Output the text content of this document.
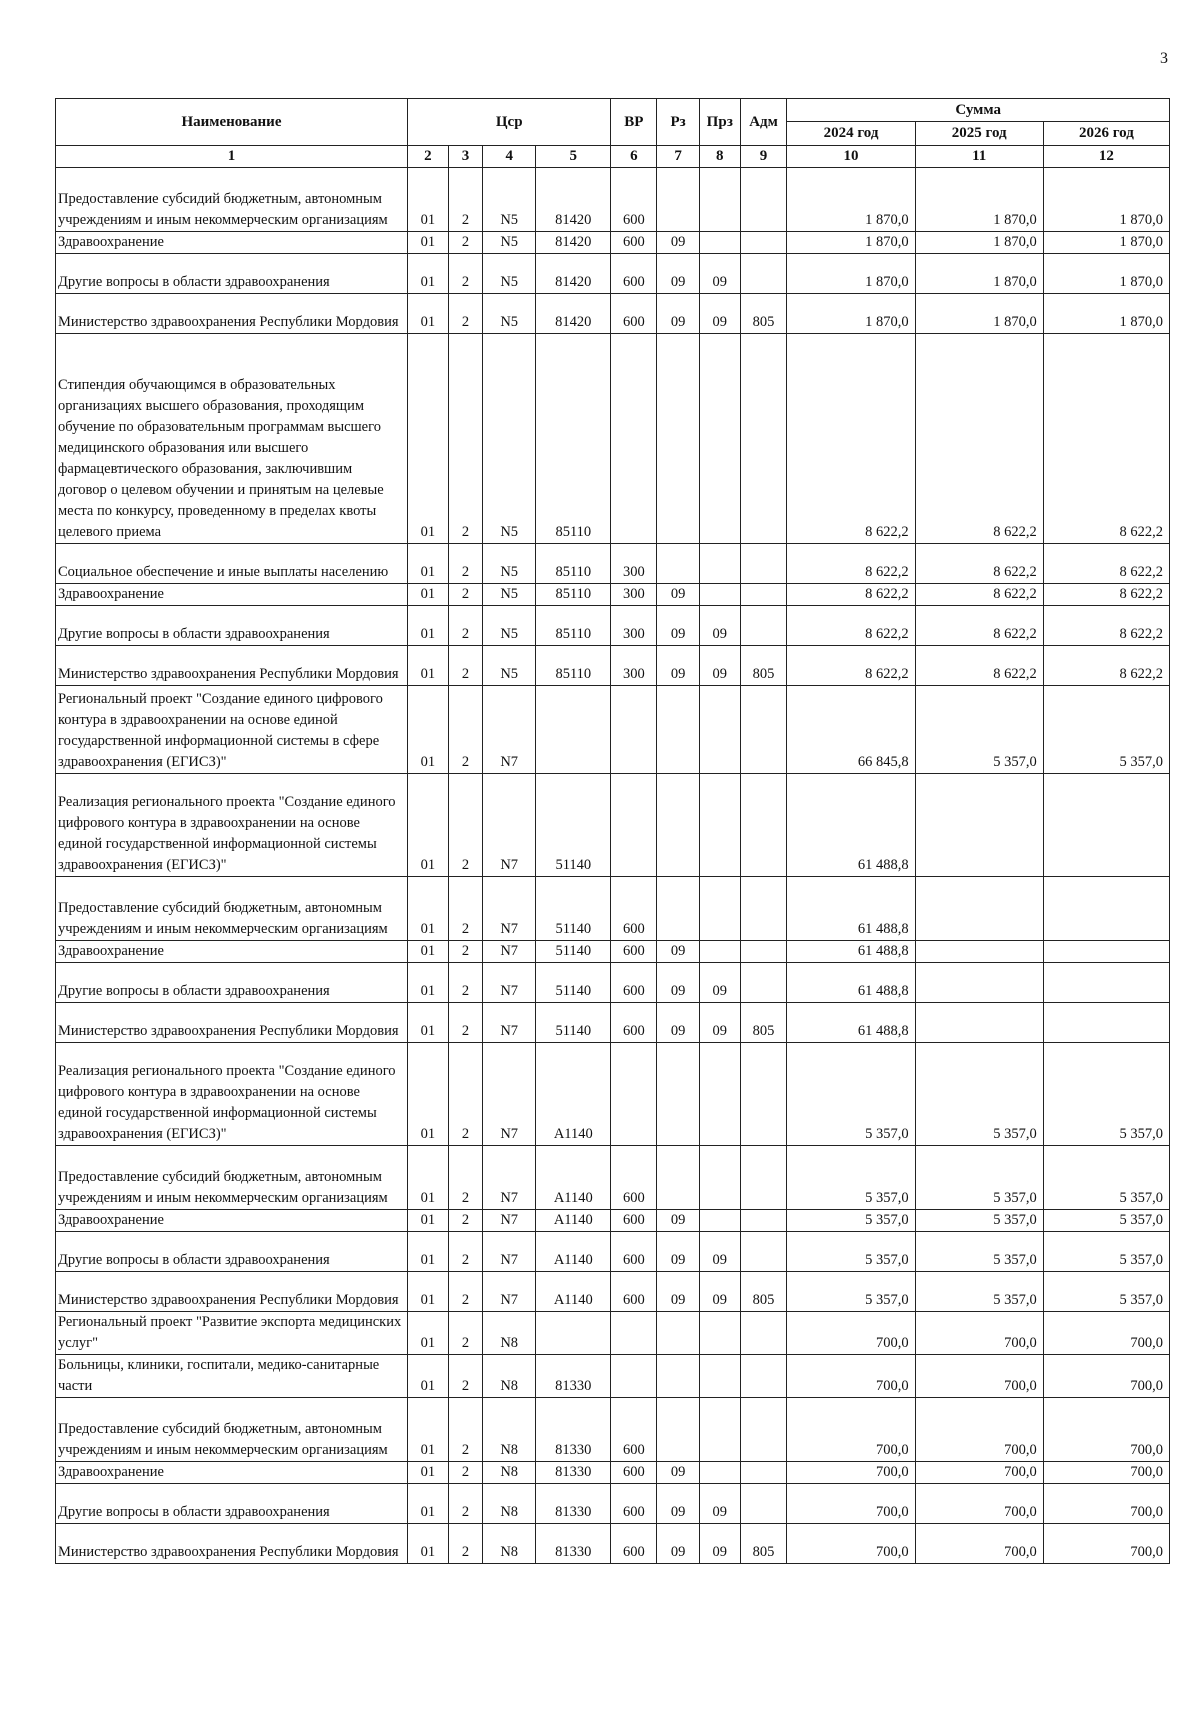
3
Наименование	Цср				ВР	Рз	Прз	Адм	Сумма		
									2024 год	2025 год	2026 год
1	2	3	4	5	6	7	8	9	10	11	12
Предоставление субсидий бюджетным, автономным учреждениям и иным некоммерческим организациям	01	2	N5	81420	600				1 870,0	1 870,0	1 870,0
Здравоохранение	01	2	N5	81420	600	09			1 870,0	1 870,0	1 870,0
Другие вопросы в области здравоохранения	01	2	N5	81420	600	09	09		1 870,0	1 870,0	1 870,0
Министерство здравоохранения Республики Мордовия	01	2	N5	81420	600	09	09	805	1 870,0	1 870,0	1 870,0
Стипендия обучающимся в образовательных организациях высшего образования, проходящим обучение по образовательным программам высшего медицинского образования или высшего фармацевтического образования, заключившим договор о целевом обучении и принятым на целевые места по конкурсу, проведенному в пределах квоты целевого приема	01	2	N5	85110					8 622,2	8 622,2	8 622,2
Социальное обеспечение и иные выплаты населению	01	2	N5	85110	300				8 622,2	8 622,2	8 622,2
Здравоохранение	01	2	N5	85110	300	09			8 622,2	8 622,2	8 622,2
Другие вопросы в области здравоохранения	01	2	N5	85110	300	09	09		8 622,2	8 622,2	8 622,2
Министерство здравоохранения Республики Мордовия	01	2	N5	85110	300	09	09	805	8 622,2	8 622,2	8 622,2
Региональный проект "Создание единого цифрового контура в здравоохранении на основе единой государственной информационной системы в сфере здравоохранения (ЕГИСЗ)"	01	2	N7						66 845,8	5 357,0	5 357,0
Реализация регионального проекта "Создание единого цифрового контура в здравоохранении на основе единой государственной информационной системы здравоохранения (ЕГИСЗ)"	01	2	N7	51140					61 488,8		
Предоставление субсидий бюджетным, автономным учреждениям и иным некоммерческим организациям	01	2	N7	51140	600				61 488,8		
Здравоохранение	01	2	N7	51140	600	09			61 488,8		
Другие вопросы в области здравоохранения	01	2	N7	51140	600	09	09		61 488,8		
Министерство здравоохранения Республики Мордовия	01	2	N7	51140	600	09	09	805	61 488,8		
Реализация регионального проекта "Создание единого цифрового контура в здравоохранении на основе единой государственной информационной системы здравоохранения (ЕГИСЗ)"	01	2	N7	А1140					5 357,0	5 357,0	5 357,0
Предоставление субсидий бюджетным, автономным учреждениям и иным некоммерческим организациям	01	2	N7	А1140	600				5 357,0	5 357,0	5 357,0
Здравоохранение	01	2	N7	А1140	600	09			5 357,0	5 357,0	5 357,0
Другие вопросы в области здравоохранения	01	2	N7	А1140	600	09	09		5 357,0	5 357,0	5 357,0
Министерство здравоохранения Республики Мордовия	01	2	N7	А1140	600	09	09	805	5 357,0	5 357,0	5 357,0
Региональный проект "Развитие экспорта медицинских услуг"	01	2	N8						700,0	700,0	700,0
Больницы, клиники, госпитали, медико-санитарные части	01	2	N8	81330					700,0	700,0	700,0
Предоставление субсидий бюджетным, автономным учреждениям и иным некоммерческим организациям	01	2	N8	81330	600				700,0	700,0	700,0
Здравоохранение	01	2	N8	81330	600	09			700,0	700,0	700,0
Другие вопросы в области здравоохранения	01	2	N8	81330	600	09	09		700,0	700,0	700,0
Министерство здравоохранения Республики Мордовия	01	2	N8	81330	600	09	09	805	700,0	700,0	700,0
